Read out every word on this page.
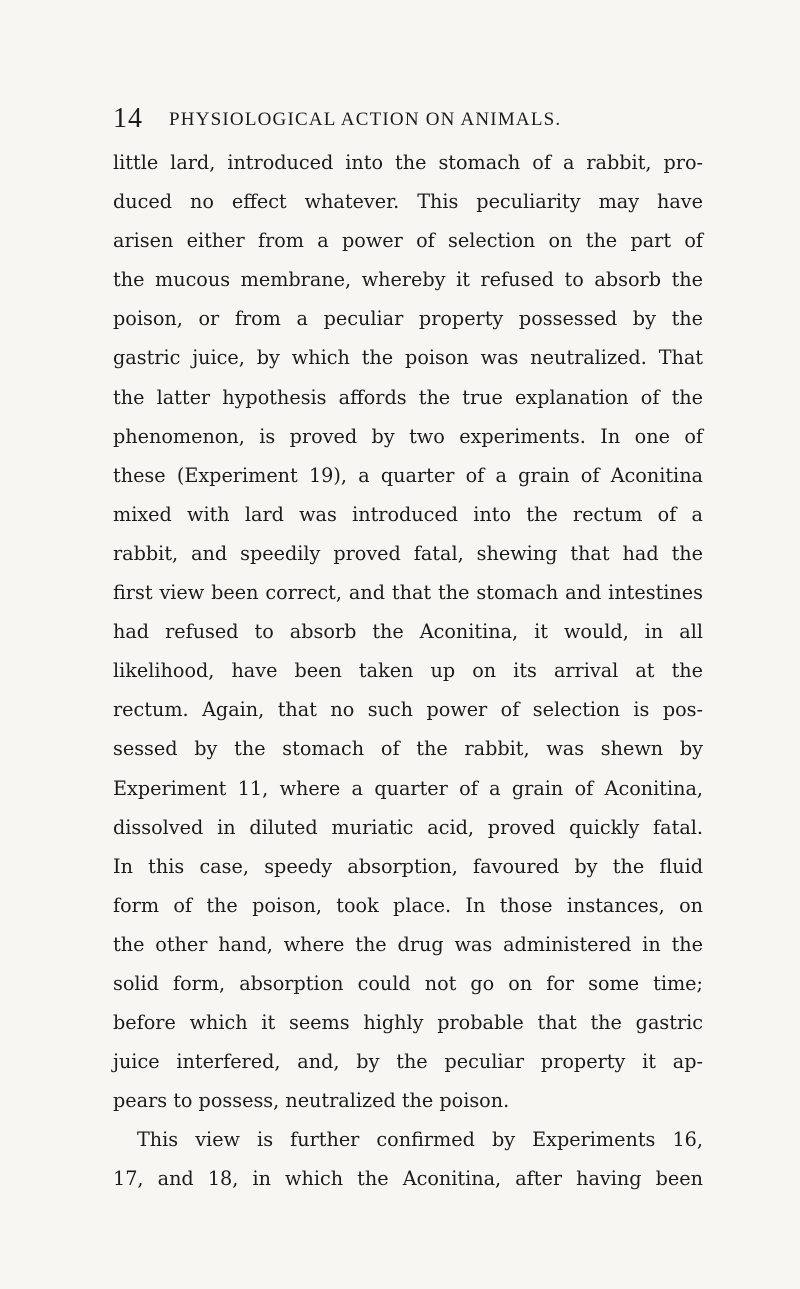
14 PHYSIOLOGICAL ACTION ON ANIMALS.
little lard, introduced into the stomach of a rabbit, pro-
duced no effect whatever. This peculiarity may have
arisen either from a power of selection on the part of
the mucous membrane, whereby it refused to absorb the
poison, or from a peculiar property possessed by the
gastric juice, by which the poison was neutralized. That
the latter hypothesis affords the true explanation of the
phenomenon, is proved by two experiments. In one of
these (Experiment 19), a quarter of a grain of Aconitina
mixed with lard was introduced into the rectum of a
rabbit, and speedily proved fatal, shewing that had the
first view been correct, and that the stomach and intestines
had refused to absorb the Aconitina, it would, in all
likelihood, have been taken up on its arrival at the
rectum. Again, that no such power of selection is pos-
sessed by the stomach of the rabbit, was shewn by
Experiment 11, where a quarter of a grain of Aconitina,
dissolved in diluted muriatic acid, proved quickly fatal.
In this case, speedy absorption, favoured by the fluid
form of the poison, took place. In those instances, on
the other hand, where the drug was administered in the
solid form, absorption could not go on for some time;
before which it seems highly probable that the gastric
juice interfered, and, by the peculiar property it ap-
pears to possess, neutralized the poison.
This view is further confirmed by Experiments 16,
17, and 18, in which the Aconitina, after having been
